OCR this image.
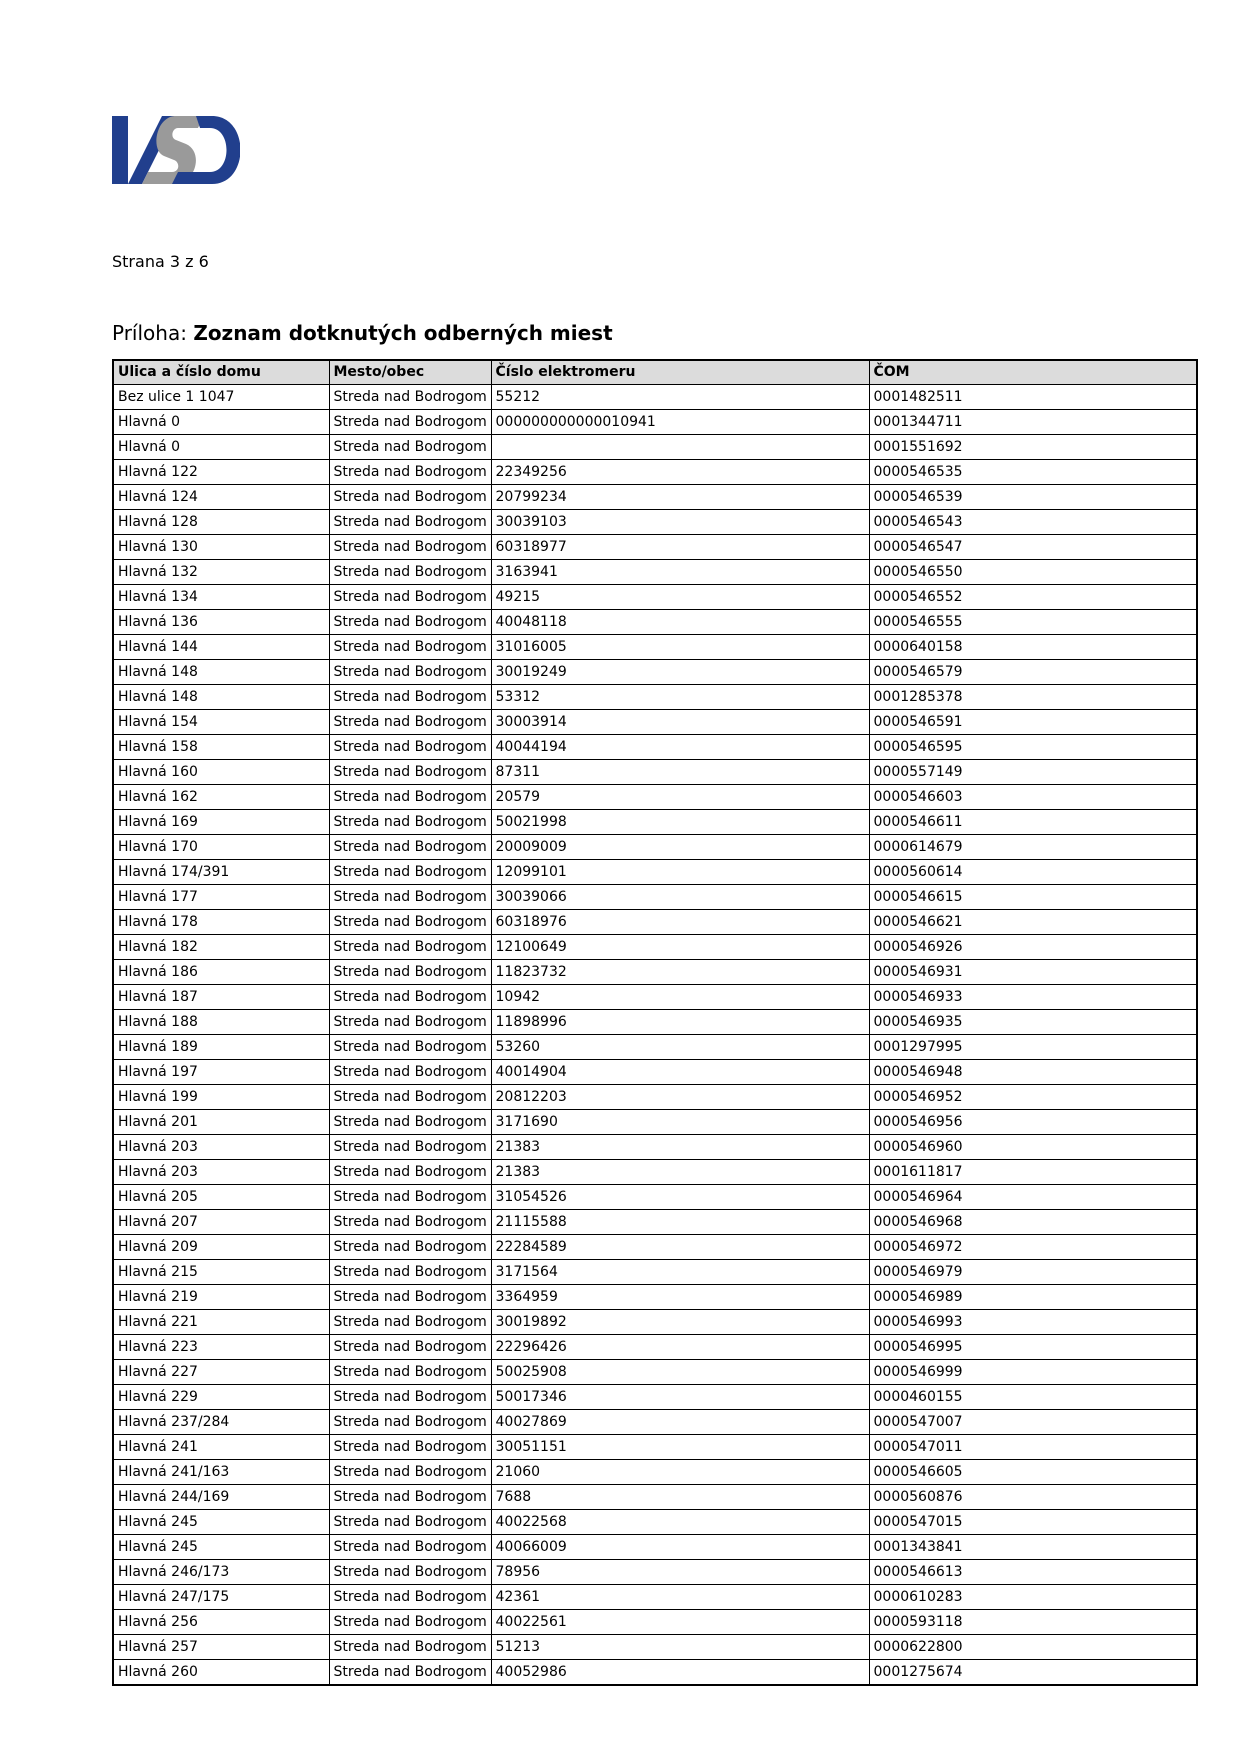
Strana 3 z 6
Príloha: Zoznam dotknutých odberných miest
Ulica a číslo domu	Mesto/obec	Číslo elektromeru	ČOM
Bez ulice 1 1047	Streda nad Bodrogom	55212	0001482511
Hlavná 0	Streda nad Bodrogom	000000000000010941	0001344711
Hlavná 0	Streda nad Bodrogom		0001551692
Hlavná 122	Streda nad Bodrogom	22349256	0000546535
Hlavná 124	Streda nad Bodrogom	20799234	0000546539
Hlavná 128	Streda nad Bodrogom	30039103	0000546543
Hlavná 130	Streda nad Bodrogom	60318977	0000546547
Hlavná 132	Streda nad Bodrogom	3163941	0000546550
Hlavná 134	Streda nad Bodrogom	49215	0000546552
Hlavná 136	Streda nad Bodrogom	40048118	0000546555
Hlavná 144	Streda nad Bodrogom	31016005	0000640158
Hlavná 148	Streda nad Bodrogom	30019249	0000546579
Hlavná 148	Streda nad Bodrogom	53312	0001285378
Hlavná 154	Streda nad Bodrogom	30003914	0000546591
Hlavná 158	Streda nad Bodrogom	40044194	0000546595
Hlavná 160	Streda nad Bodrogom	87311	0000557149
Hlavná 162	Streda nad Bodrogom	20579	0000546603
Hlavná 169	Streda nad Bodrogom	50021998	0000546611
Hlavná 170	Streda nad Bodrogom	20009009	0000614679
Hlavná 174/391	Streda nad Bodrogom	12099101	0000560614
Hlavná 177	Streda nad Bodrogom	30039066	0000546615
Hlavná 178	Streda nad Bodrogom	60318976	0000546621
Hlavná 182	Streda nad Bodrogom	12100649	0000546926
Hlavná 186	Streda nad Bodrogom	11823732	0000546931
Hlavná 187	Streda nad Bodrogom	10942	0000546933
Hlavná 188	Streda nad Bodrogom	11898996	0000546935
Hlavná 189	Streda nad Bodrogom	53260	0001297995
Hlavná 197	Streda nad Bodrogom	40014904	0000546948
Hlavná 199	Streda nad Bodrogom	20812203	0000546952
Hlavná 201	Streda nad Bodrogom	3171690	0000546956
Hlavná 203	Streda nad Bodrogom	21383	0000546960
Hlavná 203	Streda nad Bodrogom	21383	0001611817
Hlavná 205	Streda nad Bodrogom	31054526	0000546964
Hlavná 207	Streda nad Bodrogom	21115588	0000546968
Hlavná 209	Streda nad Bodrogom	22284589	0000546972
Hlavná 215	Streda nad Bodrogom	3171564	0000546979
Hlavná 219	Streda nad Bodrogom	3364959	0000546989
Hlavná 221	Streda nad Bodrogom	30019892	0000546993
Hlavná 223	Streda nad Bodrogom	22296426	0000546995
Hlavná 227	Streda nad Bodrogom	50025908	0000546999
Hlavná 229	Streda nad Bodrogom	50017346	0000460155
Hlavná 237/284	Streda nad Bodrogom	40027869	0000547007
Hlavná 241	Streda nad Bodrogom	30051151	0000547011
Hlavná 241/163	Streda nad Bodrogom	21060	0000546605
Hlavná 244/169	Streda nad Bodrogom	7688	0000560876
Hlavná 245	Streda nad Bodrogom	40022568	0000547015
Hlavná 245	Streda nad Bodrogom	40066009	0001343841
Hlavná 246/173	Streda nad Bodrogom	78956	0000546613
Hlavná 247/175	Streda nad Bodrogom	42361	0000610283
Hlavná 256	Streda nad Bodrogom	40022561	0000593118
Hlavná 257	Streda nad Bodrogom	51213	0000622800
Hlavná 260	Streda nad Bodrogom	40052986	0001275674
